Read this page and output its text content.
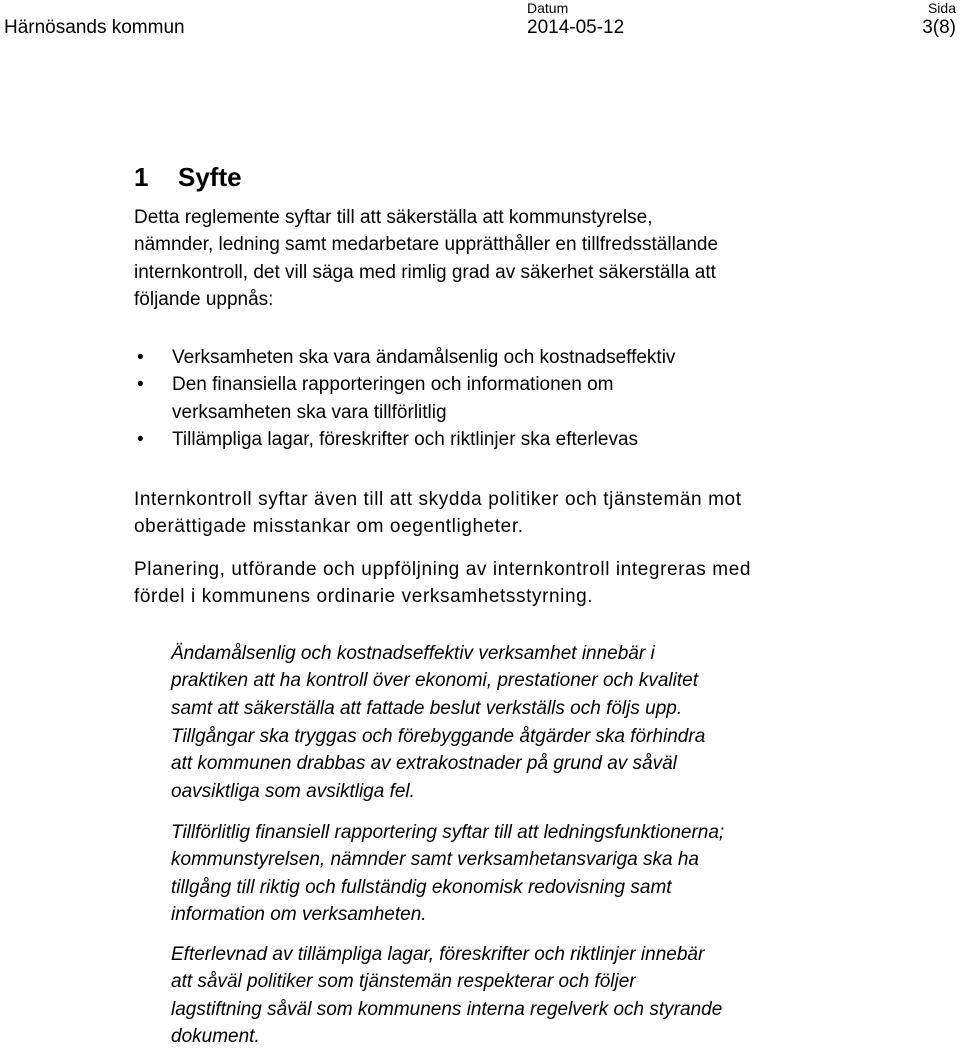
Härnösands kommun
Datum
2014-05-12
Sida
3(8)
1 Syfte

Detta reglemente syftar till att säkerställa att kommunstyrelse,
nämnder, ledning samt medarbetare upprätthåller en tillfredsställande
internkontroll, det vill säga med rimlig grad av säkerhet säkerställa att
följande uppnås:

• Verksamheten ska vara ändamålsenlig och kostnadseffektiv
• Den finansiella rapporteringen och informationen om
verksamheten ska vara tillförlitlig
• Tillämpliga lagar, föreskrifter och riktlinjer ska efterlevas

Internkontroll syftar även till att skydda politiker och tjänstemän mot
oberättigade misstankar om oegentligheter.

Planering, utförande och uppföljning av internkontroll integreras med
fördel i kommunens ordinarie verksamhetsstyrning.

Ändamålsenlig och kostnadseffektiv verksamhet innebär i
praktiken att ha kontroll över ekonomi, prestationer och kvalitet
samt att säkerställa att fattade beslut verkställs och följs upp.

Tillgångar ska tryggas och förebyggande åtgärder ska förhindra
att kommunen drabbas av extrakostnader på grund av såväl
oavsiktliga som avsiktliga fel.

Tillförlitlig finansiell rapportering syftar till att ledningsfunktionerna;
kommunstyrelsen, nämnder samt verksamhetansvariga ska ha
tillgång till riktig och fullständig ekonomisk redovisning samt
information om verksamheten.

Efterlevnad av tillämpliga lagar, föreskrifter och riktlinjer innebär
att såväl politiker som tjänstemän respekterar och följer
lagstiftning såväl som kommunens interna regelverk och styrande
dokument.
